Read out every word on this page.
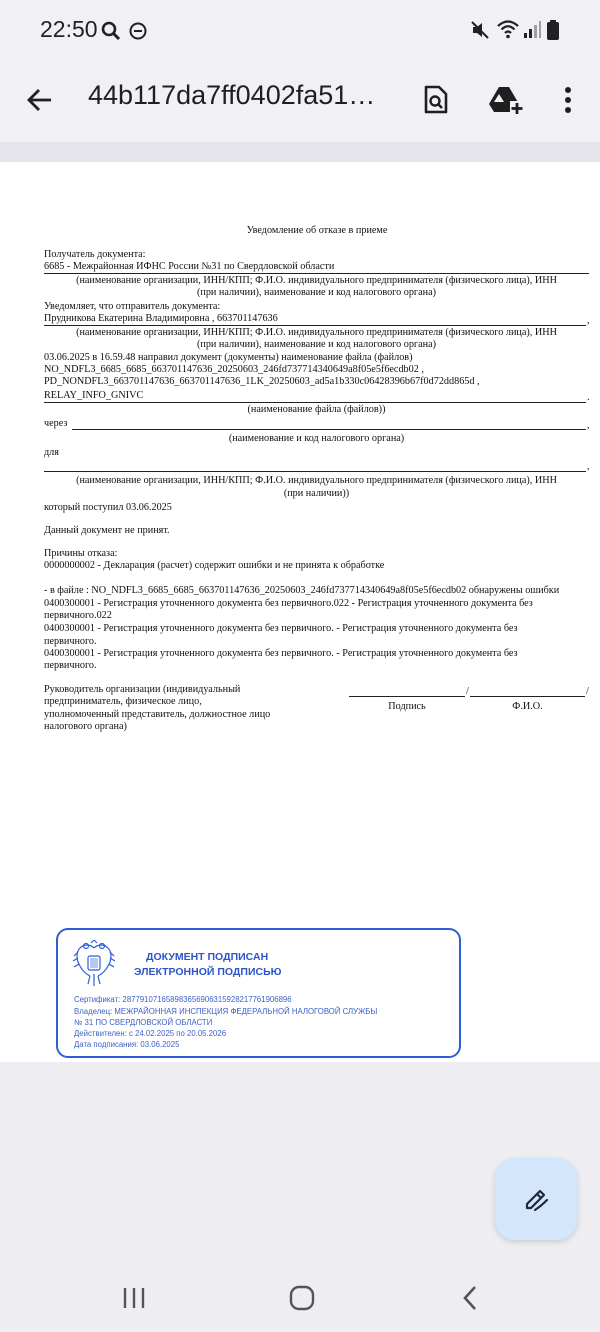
22:50
44b117da7ff0402fa51…
Уведомление об отказе в приеме
Получатель документа:
6685 - Межрайонная ИФНС России №31 по Свердловской области
(наименование организации, ИНН/КПП; Ф.И.О. индивидуального предпринимателя (физического лица), ИНН
(при наличии), наименование и код налогового органа)
Уведомляет, что отправитель документа:
Прудникова Екатерина Владимировна , 663701147636	,
(наименование организации, ИНН/КПП; Ф.И.О. индивидуального предпринимателя (физического лица), ИНН
(при наличии), наименование и код налогового органа)
03.06.2025 в 16.59.48 направил документ (документы) наименование файла (файлов)
NO_NDFL3_6685_6685_663701147636_20250603_246fd737714340649a8f05e5f6ecdb02 ,
PD_NONDFL3_663701147636_663701147636_1LK_20250603_ad5a1b330c06428396b67f0d72dd865d ,
RELAY_INFO_GNIVC	.
(наименование файла (файлов))
через	,
(наименование и код налогового органа)
для
,
(наименование организации, ИНН/КПП; Ф.И.О. индивидуального предпринимателя (физического лица), ИНН
(при наличии))
который поступил 03.06.2025
Данный документ не принят.
Причины отказа:
0000000002 - Декларация (расчет) содержит ошибки и не принята к обработке
- в файле : NO_NDFL3_6685_6685_663701147636_20250603_246fd737714340649a8f05e5f6ecdb02 обнаружены ошибки
0400300001 - Регистрация уточненного документа без первичного.022 - Регистрация уточненного документа без
первичного.022
0400300001 - Регистрация уточненного документа без первичного. - Регистрация уточненного документа без
первичного.
0400300001 - Регистрация уточненного документа без первичного. - Регистрация уточненного документа без
первичного.
Руководитель организации (индивидуальный
предприниматель, физическое лицо,
уполномоченный представитель, должностное лицо
налогового органа)
/	/
Подпись	Ф.И.О.
ДОКУМЕНТ ПОДПИСАН
ЭЛЕКТРОННОЙ ПОДПИСЬЮ
Сертификат: 287791071658983656906315928217761906896
Владелец: МЕЖРАЙОННАЯ ИНСПЕКЦИЯ ФЕДЕРАЛЬНОЙ НАЛОГОВОЙ СЛУЖБЫ
№ 31 ПО СВЕРДЛОВСКОЙ ОБЛАСТИ
Действителен: с 24.02.2025 по 20.05.2026
Дата подписания: 03.06.2025
